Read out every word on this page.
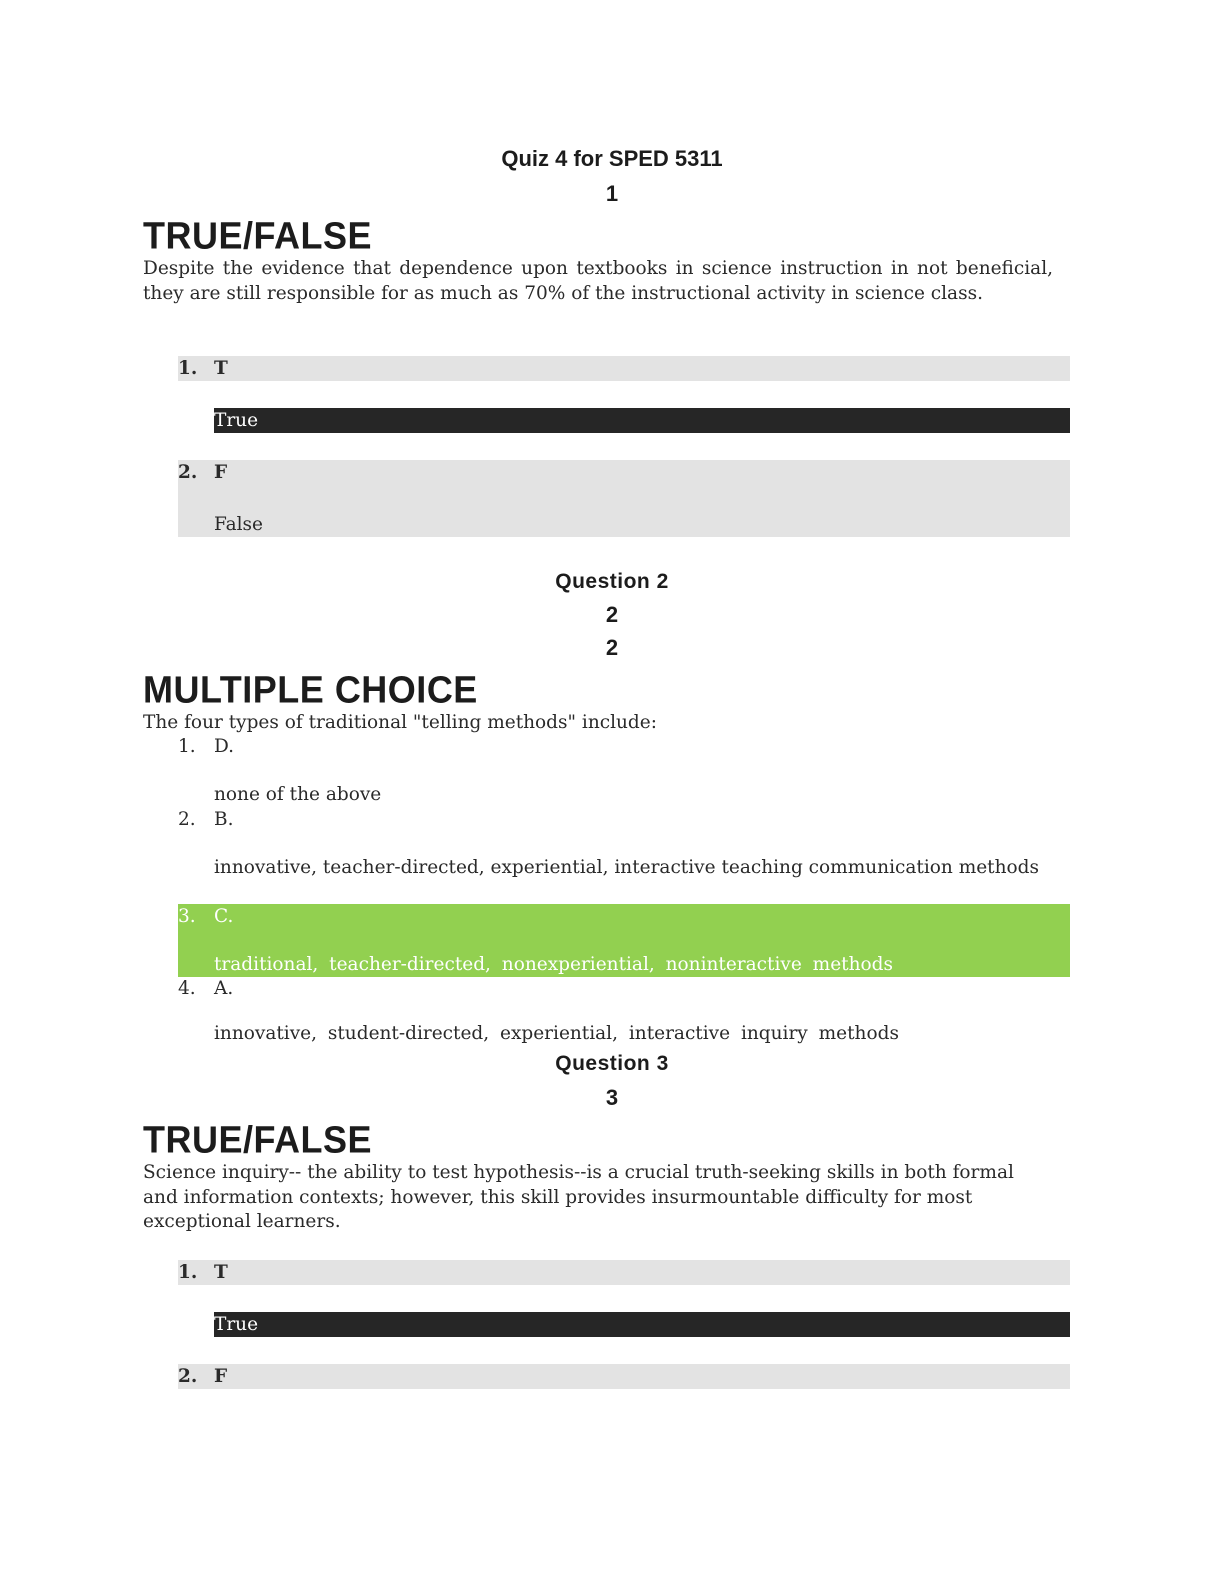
Quiz 4 for SPED 5311
1
TRUE/FALSE
Despite the evidence that dependence upon textbooks in science instruction in not beneficial, they are still responsible for as much as 70% of the instructional activity in science class.
1. T
True
2. F
False
Question 2
2
2
MULTIPLE CHOICE
The four types of traditional "telling methods" include:
1. D.
none of the above
2. B.
innovative, teacher-directed, experiential, interactive teaching communication methods
3. C.
traditional, teacher-directed, nonexperiential, noninteractive methods
4. A.
innovative, student-directed, experiential, interactive inquiry methods
Question 3
3
TRUE/FALSE
Science inquiry-- the ability to test hypothesis--is a crucial truth-seeking skills in both formal and information contexts; however, this skill provides insurmountable difficulty for most exceptional learners.
1. T
True
2. F
